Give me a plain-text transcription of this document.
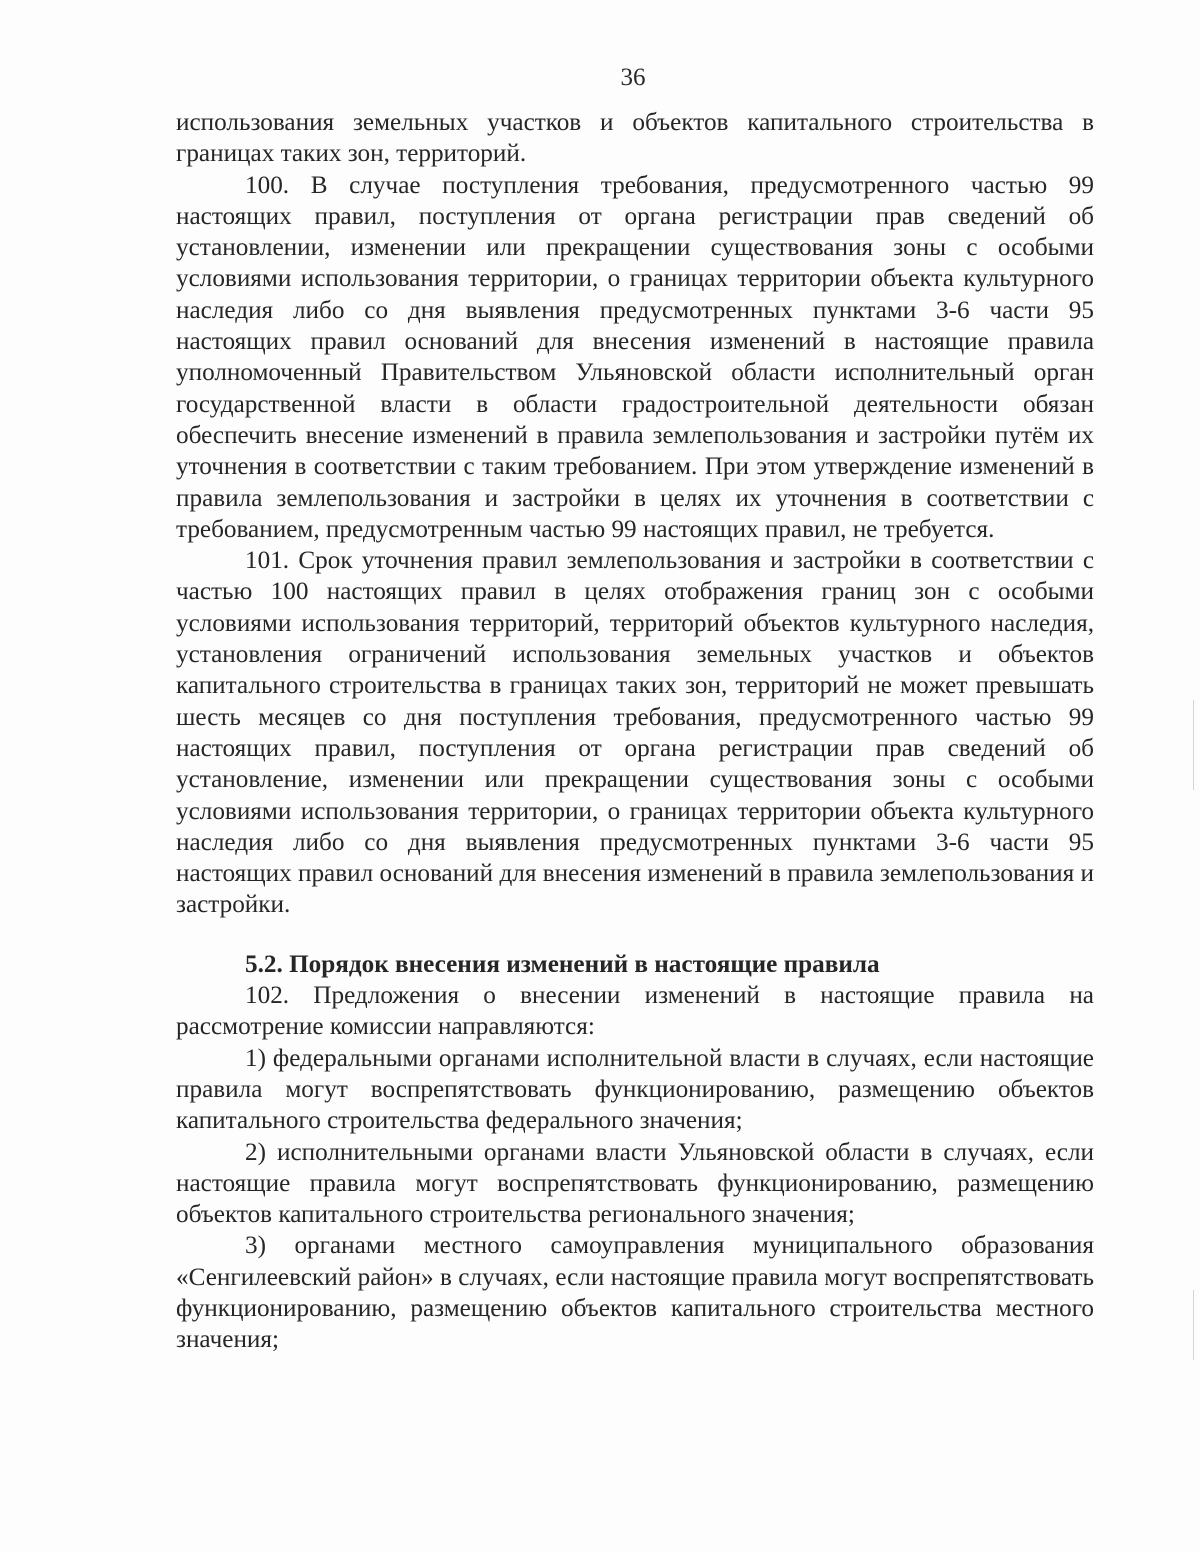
36

использования земельных участков и объектов капитального строительства в границах таких зон, территорий.

100. В случае поступления требования, предусмотренного частью 99 настоящих правил, поступления от органа регистрации прав сведений об установлении, изменении или прекращении существования зоны с особыми условиями использования территории, о границах территории объекта культурного наследия либо со дня выявления предусмотренных пунктами 3-6 части 95 настоящих правил оснований для внесения изменений в настоящие правила уполномоченный Правительством Ульяновской области исполнительный орган государственной власти в области градостроительной деятельности обязан обеспечить внесение изменений в правила землепользования и застройки путём их уточнения в соответствии с таким требованием. При этом утверждение изменений в правила землепользования и застройки в целях их уточнения в соответствии с требованием, предусмотренным частью 99 настоящих правил, не требуется.

101. Срок уточнения правил землепользования и застройки в соответствии с частью 100 настоящих правил в целях отображения границ зон с особыми условиями использования территорий, территорий объектов культурного наследия, установления ограничений использования земельных участков и объектов капитального строительства в границах таких зон, территорий не может превышать шесть месяцев со дня поступления требования, предусмотренного частью 99 настоящих правил, поступления от органа регистрации прав сведений об установление, изменении или прекращении существования зоны с особыми условиями использования территории, о границах территории объекта культурного наследия либо со дня выявления предусмотренных пунктами 3-6 части 95 настоящих правил оснований для внесения изменений в правила землепользования и застройки.

5.2. Порядок внесения изменений в настоящие правила

102. Предложения о внесении изменений в настоящие правила на рассмотрение комиссии направляются:

1) федеральными органами исполнительной власти в случаях, если настоящие правила могут воспрепятствовать функционированию, размещению объектов капитального строительства федерального значения;

2) исполнительными органами власти Ульяновской области в случаях, если настоящие правила могут воспрепятствовать функционированию, размещению объектов капитального строительства регионального значения;

3) органами местного самоуправления муниципального образования «Сенгилеевский район» в случаях, если настоящие правила могут воспрепятствовать функционированию, размещению объектов капитального строительства местного значения;
